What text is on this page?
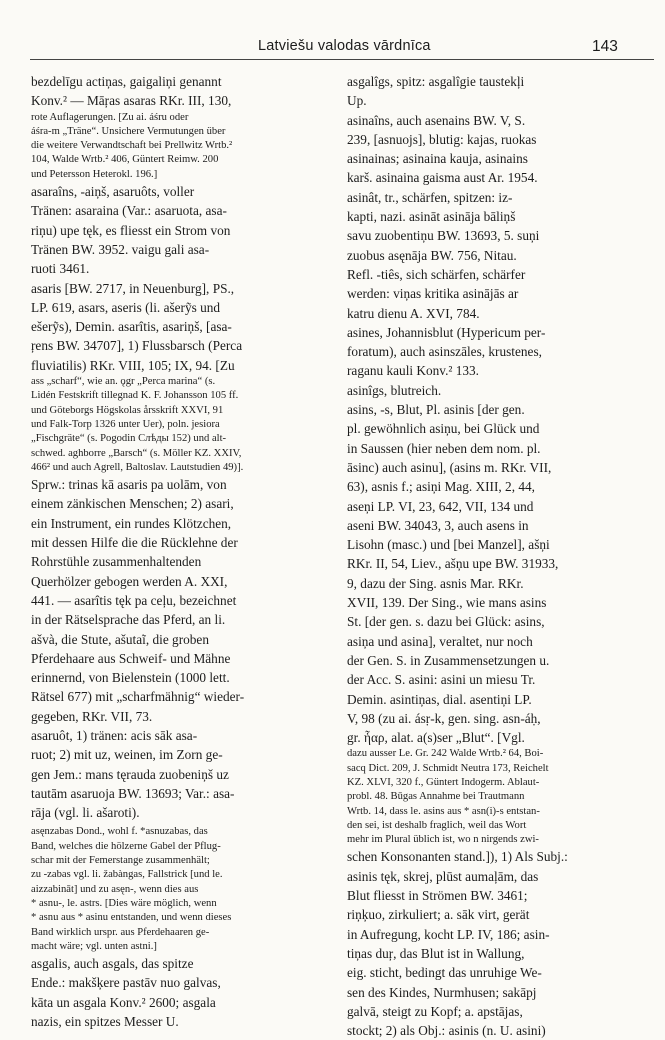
Latviešu valodas vārdnīca	143
bezdelīgu actiņas, gaigaliņi genannt
Konv.² — Māŗas asaras RKr. III, 130,
rote Auflagerungen. [Zu ai. áśru oder
áśra-m „Träne“. Unsichere Vermutungen über
die weitere Verwandtschaft bei Prellwitz Wrtb.²
104, Walde Wrtb.² 406, Güntert Reimw. 200
und Petersson Heterokl. 196.]
asaraîns, -aiņš, asaruôts, voller
Tränen: asaraina (Var.: asaruota, asa-
riņu) upe tęk, es fliesst ein Strom von
Tränen BW. 3952. vaigu gali asa-
ruoti 3461.
asaris [BW. 2717, in Neuenburg], PS.,
LP. 619, asars, aseris (li. ašerỹs und
ešerỹs), Demin. asarîtis, asariņš, [asa-
ŗens BW. 34707], 1) Flussbarsch (Perca
fluviatilis) RKr. VIII, 105; IX, 94. [Zu
ass „scharf“, wie an. ǫgr „Perca marina“ (s.
Lidén Festskrift tillegnad K. F. Johansson 105 ff.
und Göteborgs Högskolas årsskrift XXVI, 91
und Falk-Torp 1326 unter Uer), poln. jesiora
„Fischgräte“ (s. Pogodin Слѣды 152) und alt-
schwed. aghborre „Barsch“ (s. Möller KZ. XXIV,
466² und auch Agrell, Baltoslav. Lautstudien 49)].
Sprw.: trinas kā asaris pa uolām, von
einem zänkischen Menschen; 2) asari,
ein Instrument, ein rundes Klötzchen,
mit dessen Hilfe die die Rücklehne der
Rohrstühle zusammenhaltenden
Querhölzer gebogen werden A. XXI,
441. — asarîtis tęk pa ceļu, bezeichnet
in der Rätselsprache das Pferd, an li.
ašvà, die Stute, ašutaĩ, die groben
Pferdehaare aus Schweif- und Mähne
erinnernd, von Bielenstein (1000 lett.
Rätsel 677) mit „scharfmähnig“ wieder-
gegeben, RKr. VII, 73.
asaruôt, 1) tränen: acis sāk asa-
ruot; 2) mit uz, weinen, im Zorn ge-
gen Jem.: mans tęrauda zuobeniņš uz
tautām asaruoja BW. 13693; Var.: asa-
rāja (vgl. li. ašaroti).
asęnzabas Dond., wohl f. *asnuzabas, das
Band, welches die hölzerne Gabel der Pflug-
schar mit der Femerstange zusammenhält;
zu -zabas vgl. li. žabàngas, Fallstrick [und le.
aizzabināt] und zu asęn-, wenn dies aus
* asnu-, le. astrs. [Dies wäre möglich, wenn
* asnu aus * asinu entstanden, und wenn dieses
Band wirklich urspr. aus Pferdehaaren ge-
macht wäre; vgl. unten astni.]
asgalis, auch asgals, das spitze
Ende.: makšķere pastāv nuo galvas,
kāta un asgala Konv.² 2600; asgala
nazis, ein spitzes Messer U.
asgalîgs, spitz: asgalîgie taustekļi
Up.
asinaîns, auch asenains BW. V, S.
239, [asnuojs], blutig: kajas, ruokas
asinainas; asinaina kauja, asinains
karš. asinaina gaisma aust Ar. 1954.
asinât, tr., schärfen, spitzen: iz-
kapti, nazi. asināt asināja bāliņš
savu zuobentiņu BW. 13693, 5. suņi
zuobus asęnāja BW. 756, Nitau.
Refl. -tiês, sich schärfen, schärfer
werden: viņas kritika asinājās ar
katru dienu A. XVI, 784.
asines, Johannisblut (Hypericum per-
foratum), auch asinszāles, krustenes,
raganu kauli Konv.² 133.
asinîgs, blutreich.
asins, -s, Blut, Pl. asinis [der gen.
pl. gewöhnlich asiņu, bei Glück und
in Saussen (hier neben dem nom. pl.
āsinc) auch asinu], (asins m. RKr. VII,
63), asnis f.; asiņi Mag. XIII, 2, 44,
aseņi LP. VI, 23, 642, VII, 134 und
aseni BW. 34043, 3, auch asens in
Lisohn (masc.) und [bei Manzel], ašņi
RKr. II, 54, Liev., ašņu upe BW. 31933,
9, dazu der Sing. asnis Mar. RKr.
XVII, 139. Der Sing., wie mans asins
St. [der gen. s. dazu bei Glück: asins,
asiņa und asina], veraltet, nur noch
der Gen. S. in Zusammensetzungen u.
der Acc. S. asini: asini un miesu Tr.
Demin. asintiņas, dial. asentiņi LP.
V, 98 (zu ai. ásṛ-k, gen. sing. asn-áḥ,
gr. ἦαρ, alat. a(s)ser „Blut“. [Vgl.
dazu ausser Le. Gr. 242 Walde Wrtb.² 64, Boi-
sacq Dict. 209, J. Schmidt Neutra 173, Reichelt
KZ. XLVI, 320 f., Güntert Indogerm. Ablaut-
probl. 48. Būgas Annahme bei Trautmann
Wrtb. 14, dass le. asins aus * asn(i)-s entstan-
den sei, ist deshalb fraglich, weil das Wort
mehr im Plural üblich ist, wo n nirgends zwi-
schen Konsonanten stand.]), 1) Als Subj.:
asinis tęk, skrej, plūst aumaļām, das
Blut fliesst in Strömen BW. 3461;
riņķuo, zirkuliert; a. sāk virt, gerät
in Aufregung, kocht LP. IV, 186; asin-
tiņas duŗ, das Blut ist in Wallung,
eig. sticht, bedingt das unruhige We-
sen des Kindes, Nurmhusen; sakāpj
galvā, steigt zu Kopf; a. apstājas,
stockt; 2) als Obj.: asinis (n. U. asini)
